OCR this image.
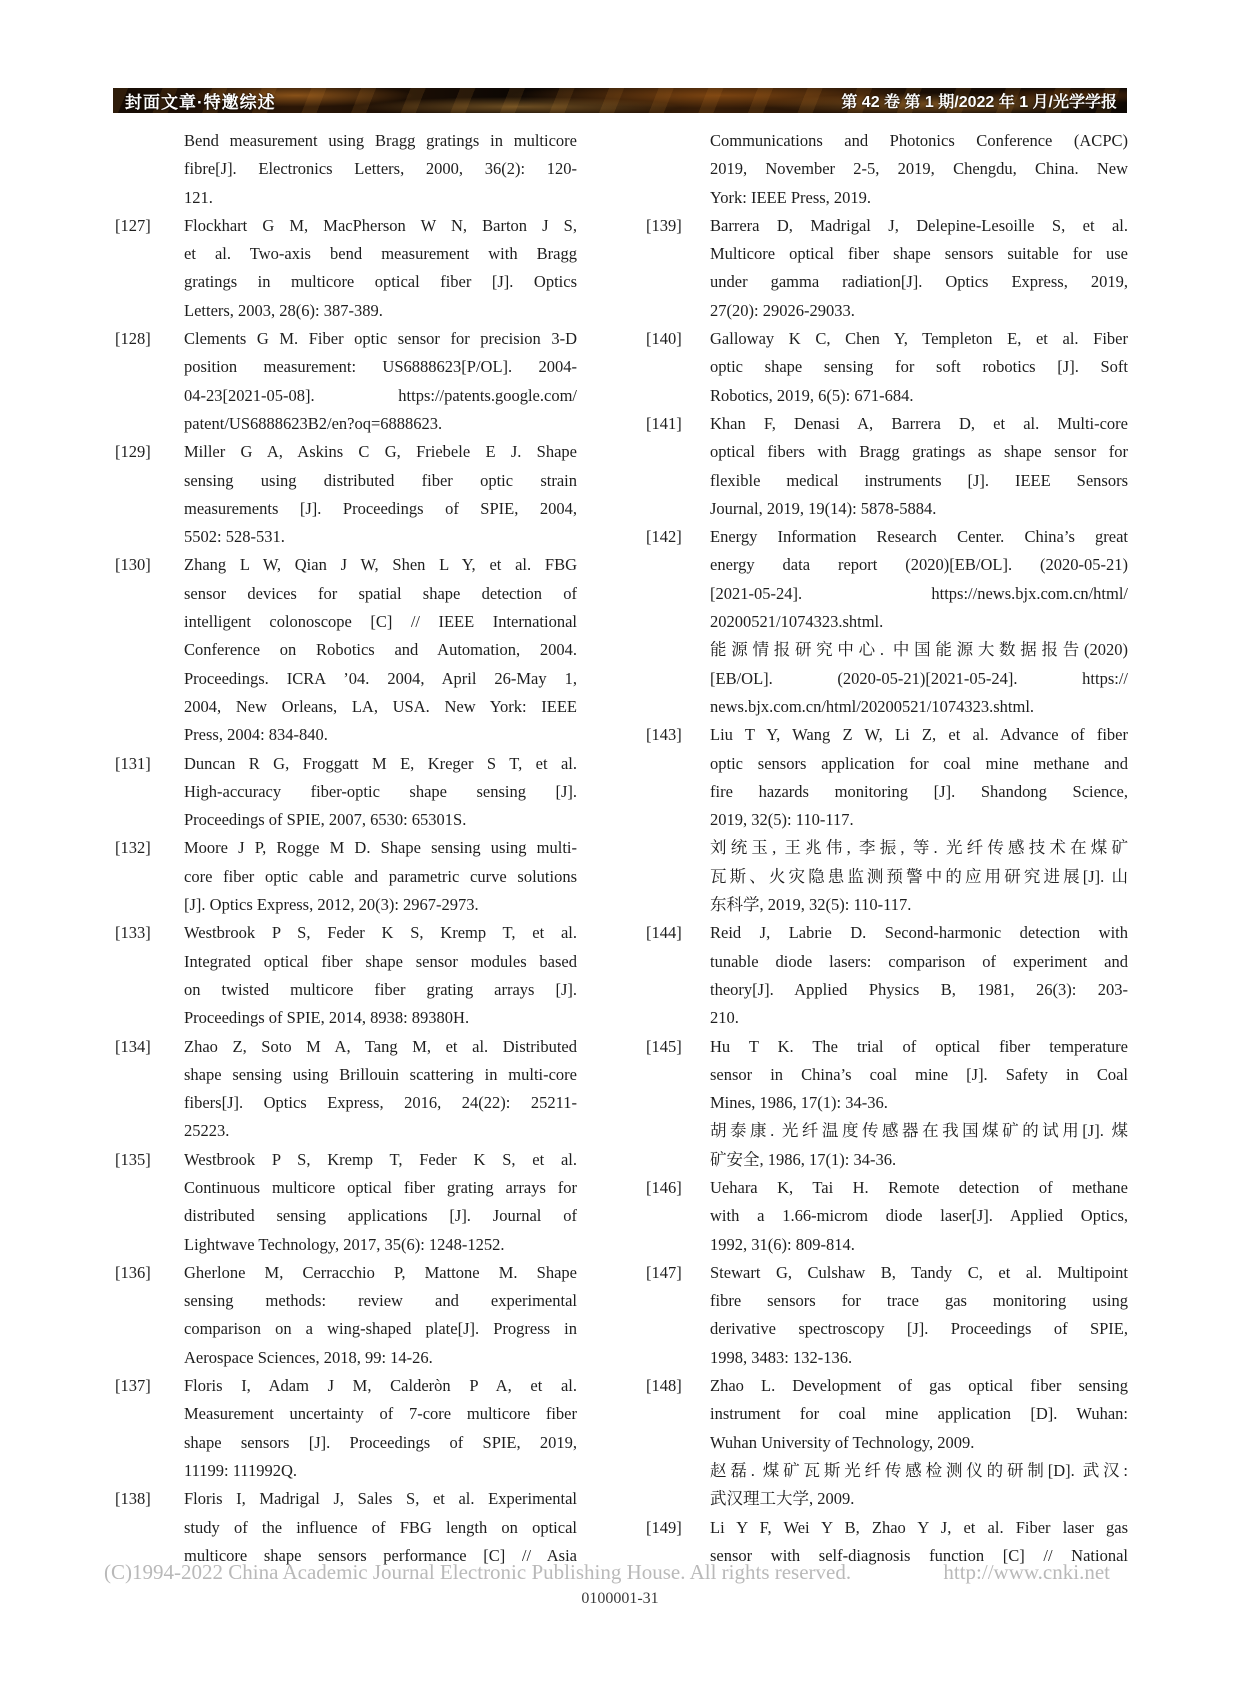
封面文章·特邀综述	第 42 卷 第 1 期/2022 年 1 月/光学学报
Bend measurement using Bragg gratings in multicore
fibre[J]. Electronics Letters, 2000, 36(2): 120-
121.
[127]	Flockhart G M, MacPherson W N, Barton J S,
et al. Two-axis bend measurement with Bragg
gratings in multicore optical fiber [J]. Optics
Letters, 2003, 28(6): 387-389.
[128]	Clements G M. Fiber optic sensor for precision 3-D
position measurement: US6888623[P/OL]. 2004-
04-23[2021-05-08]. https://patents.google.com/
patent/US6888623B2/en?oq=6888623.
[129]	Miller G A, Askins C G, Friebele E J. Shape
sensing using distributed fiber optic strain
measurements [J]. Proceedings of SPIE, 2004,
5502: 528-531.
[130]	Zhang L W, Qian J W, Shen L Y, et al. FBG
sensor devices for spatial shape detection of
intelligent colonoscope [C] // IEEE International
Conference on Robotics and Automation, 2004.
Proceedings. ICRA ’04. 2004, April 26-May 1,
2004, New Orleans, LA, USA. New York: IEEE
Press, 2004: 834-840.
[131]	Duncan R G, Froggatt M E, Kreger S T, et al.
High-accuracy fiber-optic shape sensing [J].
Proceedings of SPIE, 2007, 6530: 65301S.
[132]	Moore J P, Rogge M D. Shape sensing using multi-
core fiber optic cable and parametric curve solutions
[J]. Optics Express, 2012, 20(3): 2967-2973.
[133]	Westbrook P S, Feder K S, Kremp T, et al.
Integrated optical fiber shape sensor modules based
on twisted multicore fiber grating arrays [J].
Proceedings of SPIE, 2014, 8938: 89380H.
[134]	Zhao Z, Soto M A, Tang M, et al. Distributed
shape sensing using Brillouin scattering in multi-core
fibers[J]. Optics Express, 2016, 24(22): 25211-
25223.
[135]	Westbrook P S, Kremp T, Feder K S, et al.
Continuous multicore optical fiber grating arrays for
distributed sensing applications [J]. Journal of
Lightwave Technology, 2017, 35(6): 1248-1252.
[136]	Gherlone M, Cerracchio P, Mattone M. Shape
sensing methods: review and experimental
comparison on a wing-shaped plate[J]. Progress in
Aerospace Sciences, 2018, 99: 14-26.
[137]	Floris I, Adam J M, Calderòn P A, et al.
Measurement uncertainty of 7-core multicore fiber
shape sensors [J]. Proceedings of SPIE, 2019,
11199: 111992Q.
[138]	Floris I, Madrigal J, Sales S, et al. Experimental
study of the influence of FBG length on optical
multicore shape sensors performance [C] // Asia
Communications and Photonics Conference (ACPC)
2019, November 2-5, 2019, Chengdu, China. New
York: IEEE Press, 2019.
[139]	Barrera D, Madrigal J, Delepine-Lesoille S, et al.
Multicore optical fiber shape sensors suitable for use
under gamma radiation[J]. Optics Express, 2019,
27(20): 29026-29033.
[140]	Galloway K C, Chen Y, Templeton E, et al. Fiber
optic shape sensing for soft robotics [J]. Soft
Robotics, 2019, 6(5): 671-684.
[141]	Khan F, Denasi A, Barrera D, et al. Multi-core
optical fibers with Bragg gratings as shape sensor for
flexible medical instruments [J]. IEEE Sensors
Journal, 2019, 19(14): 5878-5884.
[142]	Energy Information Research Center. China’s great
energy data report (2020)[EB/OL]. (2020-05-21)
[2021-05-24]. https://news.bjx.com.cn/html/
20200521/1074323.shtml.
能源情报研究中心. 中国能源大数据报告(2020)
[EB/OL]. (2020-05-21)[2021-05-24]. https://
news.bjx.com.cn/html/20200521/1074323.shtml.
[143]	Liu T Y, Wang Z W, Li Z, et al. Advance of fiber
optic sensors application for coal mine methane and
fire hazards monitoring [J]. Shandong Science,
2019, 32(5): 110-117.
刘统玉, 王兆伟, 李振, 等. 光纤传感技术在煤矿
瓦斯、火灾隐患监测预警中的应用研究进展[J]. 山
东科学, 2019, 32(5): 110-117.
[144]	Reid J, Labrie D. Second-harmonic detection with
tunable diode lasers: comparison of experiment and
theory[J]. Applied Physics B, 1981, 26(3): 203-
210.
[145]	Hu T K. The trial of optical fiber temperature
sensor in China’s coal mine [J]. Safety in Coal
Mines, 1986, 17(1): 34-36.
胡泰康. 光纤温度传感器在我国煤矿的试用[J]. 煤
矿安全, 1986, 17(1): 34-36.
[146]	Uehara K, Tai H. Remote detection of methane
with a 1.66-microm diode laser[J]. Applied Optics,
1992, 31(6): 809-814.
[147]	Stewart G, Culshaw B, Tandy C, et al. Multipoint
fibre sensors for trace gas monitoring using
derivative spectroscopy [J]. Proceedings of SPIE,
1998, 3483: 132-136.
[148]	Zhao L. Development of gas optical fiber sensing
instrument for coal mine application [D]. Wuhan:
Wuhan University of Technology, 2009.
赵磊. 煤矿瓦斯光纤传感检测仪的研制[D]. 武汉:
武汉理工大学, 2009.
[149]	Li Y F, Wei Y B, Zhao Y J, et al. Fiber laser gas
sensor with self-diagnosis function [C] // National
(C)1994-2022 China Academic Journal Electronic Publishing House. All rights reserved.	http://www.cnki.net
0100001-31
